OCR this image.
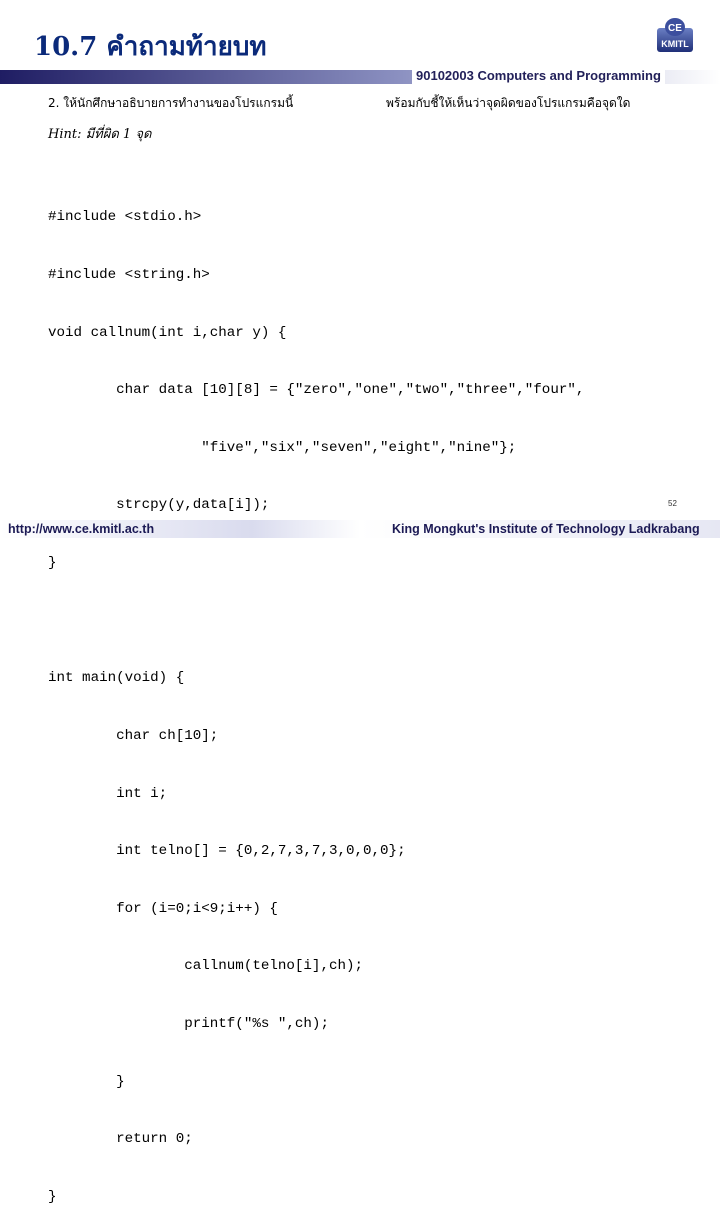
10.7 คำถามท้ายบท
CE
KMITL
90102003 Computers and Programming
2. ให้นักศึกษาอธิบายการทำงานของโปรแกรมนี้	พร้อมกับชี้ให้เห็นว่าจุดผิดของโปรแกรมคือจุดใด
Hint: มีที่ผิด 1 จุด

#include <stdio.h>

#include <string.h>

void callnum(int i,char y) {

char data [10][8] = {"zero","one","two","three","four",

"five","six","seven","eight","nine"};

strcpy(y,data[i]);

}

int main(void) {

char ch[10];

int i;

int telno[] = {0,2,7,3,7,3,0,0,0};

for (i=0;i<9;i++) {

callnum(telno[i],ch);

printf("%s ",ch);

}

return 0;

}

52
http://www.ce.kmitl.ac.th	King Mongkut's Institute of Technology Ladkrabang
